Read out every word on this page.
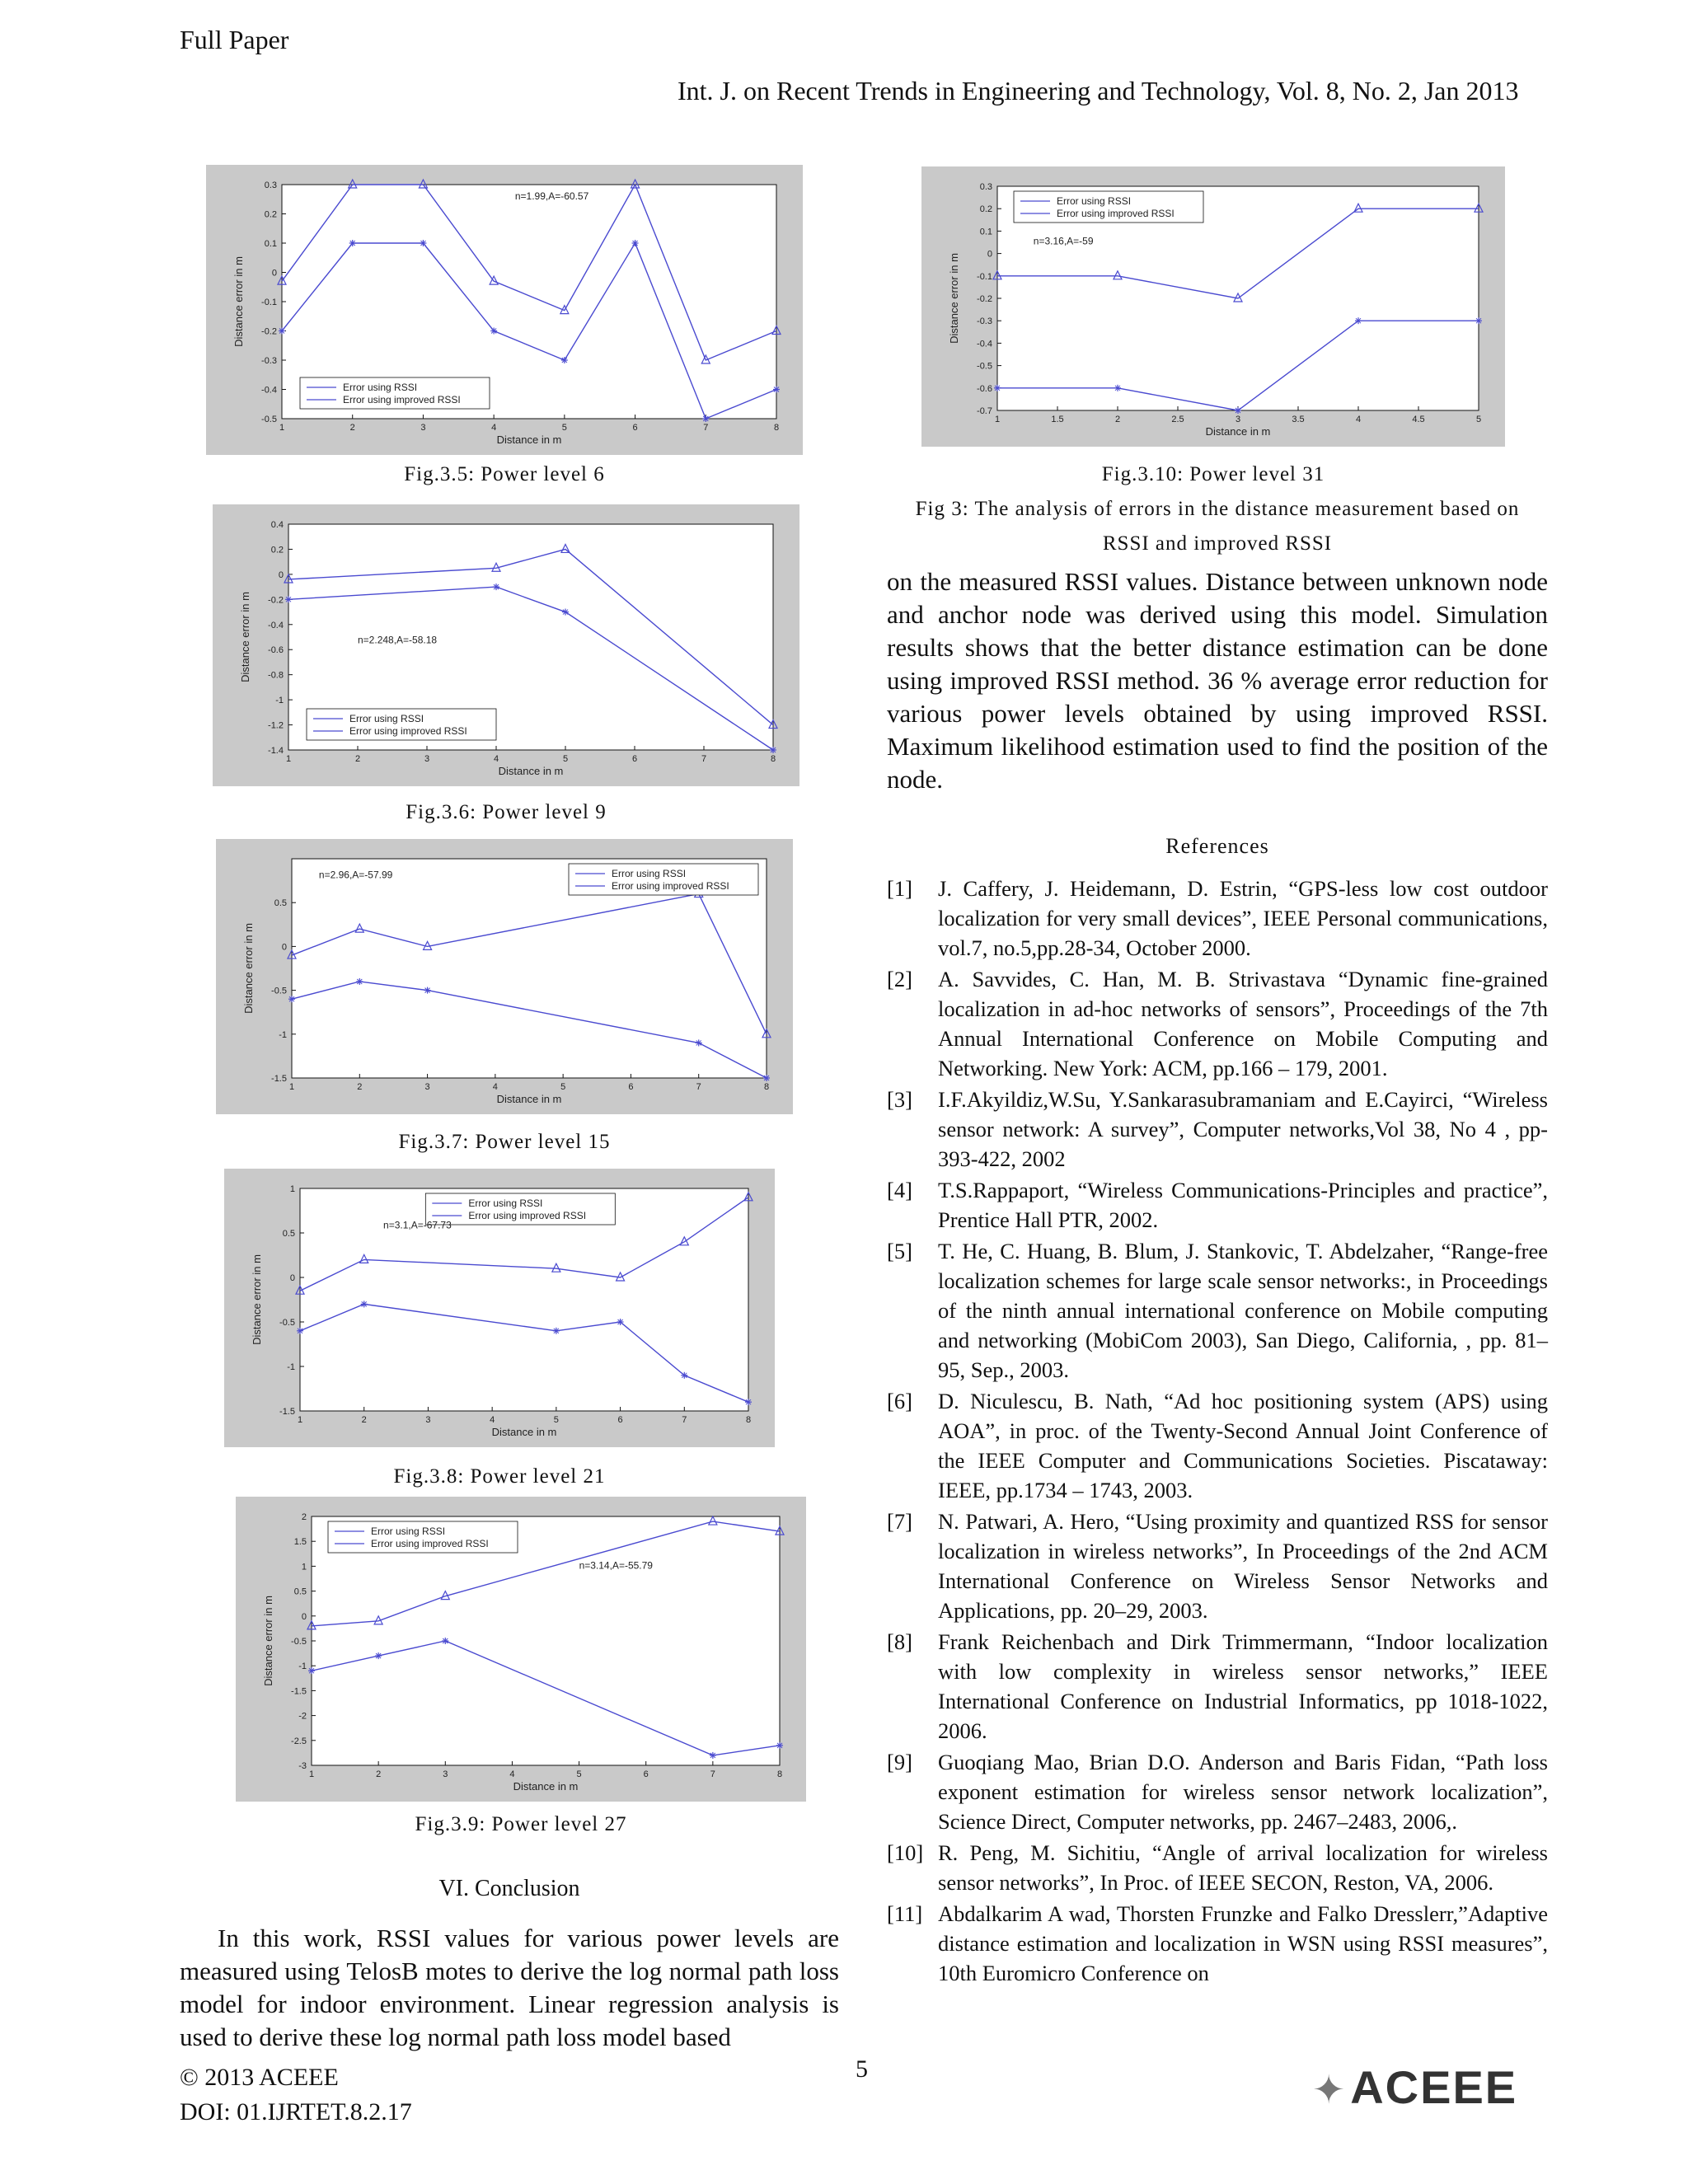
Full Paper
Int. J. on Recent Trends in Engineering and Technology, Vol. 8, No. 2, Jan 2013
1	2	3	4	5	6	7	8
-0.5
-0.4
-0.3
-0.2
-0.1
0
0.1
0.2
0.3
Distance in m
Distance error in m
Error using RSSI
Error using improved RSSI
n=1.99,A=-60.57
Fig.3.5: Power level 6
1	2	3	4	5	6	7	8
-1.4
-1.2
-1
-0.8
-0.6
-0.4
-0.2
0
0.2
0.4
Distance in m
Distance error in m
Error using RSSI
Error using improved RSSI
n=2.248,A=-58.18
Fig.3.6: Power level 9
1	2	3	4	5	6	7	8
-1.5
-1
-0.5
0
0.5
Distance in m
Distance error in m
Error using RSSI
Error using improved RSSI
n=2.96,A=-57.99
Fig.3.7: Power level 15
1	2	3	4	5	6	7	8
-1.5
-1
-0.5
0
0.5
1
Distance in m
Distance error in m
Error using RSSI
Error using improved RSSI
n=3.1,A=-67.73
Fig.3.8: Power level 21
1	2	3	4	5	6	7	8
-3
-2.5
-2
-1.5
-1
-0.5
0
0.5
1
1.5
2
Distance in m
Distance error in m
Error using RSSI
Error using improved RSSI
n=3.14,A=-55.79
Fig.3.9: Power level 27
1	1.5	2	2.5	3	3.5	4	4.5	5
-0.7
-0.6
-0.5
-0.4
-0.3
-0.2
-0.1
0
0.1
0.2
0.3
Distance in m
Distance error in m
Error using RSSI
Error using improved RSSI
n=3.16,A=-59
Fig.3.10: Power level 31
Fig 3: The analysis of errors in the distance measurement based on
RSSI and improved RSSI

on the measured RSSI values. Distance between unknown node and anchor node was derived using this model. Simulation results shows that the better distance estimation can be done using improved RSSI method. 36 % average error reduction for various power levels obtained by using improved RSSI. Maximum likelihood estimation used to find the position of the node.

References
[1]	J. Caffery, J. Heidemann, D. Estrin, “GPS-less low cost outdoor localization for very small devices”, IEEE Personal communications, vol.7, no.5,pp.28-34, October 2000.
[2]	A. Savvides, C. Han, M. B. Strivastava “Dynamic fine-grained localization in ad-hoc networks of sensors”, Proceedings of the 7th Annual International Conference on Mobile Computing and Networking. New York: ACM, pp.166 – 179, 2001.
[3]	I.F.Akyildiz,W.Su, Y.Sankarasubramaniam and E.Cayirci, “Wireless sensor network: A survey”, Computer networks,Vol 38, No 4 , pp-393-422, 2002
[4]	T.S.Rappaport, “Wireless Communications-Principles and practice”, Prentice Hall PTR, 2002.
[5]	T. He, C. Huang, B. Blum, J. Stankovic, T. Abdelzaher, “Range-free localization schemes for large scale sensor networks:, in Proceedings of the ninth annual international conference on Mobile computing and networking (MobiCom 2003), San Diego, California, , pp. 81–95, Sep., 2003.
[6]	D. Niculescu, B. Nath, “Ad hoc positioning system (APS) using AOA”, in proc. of the Twenty-Second Annual Joint Conference of the IEEE Computer and Communications Societies. Piscataway: IEEE, pp.1734 – 1743, 2003.
[7]	N. Patwari, A. Hero, “Using proximity and quantized RSS for sensor localization in wireless networks”, In Proceedings of the 2nd ACM International Conference on Wireless Sensor Networks and Applications, pp. 20–29, 2003.
[8]	Frank Reichenbach and Dirk Trimmermann, “Indoor localization with low complexity in wireless sensor networks,” IEEE International Conference on Industrial Informatics, pp 1018-1022, 2006.
[9]	Guoqiang Mao, Brian D.O. Anderson and Baris Fidan, “Path loss exponent estimation for wireless sensor network localization”, Science Direct, Computer networks, pp. 2467–2483, 2006,.
[10] R. Peng, M. Sichitiu, “Angle of arrival localization for wireless sensor networks”, In Proc. of IEEE SECON, Reston, VA, 2006.
[11] Abdalkarim A wad, Thorsten Frunzke and Falko Dresslerr,”Adaptive distance estimation and localization in WSN using RSSI measures”, 10th Euromicro Conference on
VI. Conclusion

In this work, RSSI values for various power levels are measured using TelosB motes to derive the log normal path loss model for indoor environment. Linear regression analysis is used to derive these log normal path loss model based

© 2013 ACEEE
DOI: 01.IJRTET.8.2.17
5	✦ACEEE
